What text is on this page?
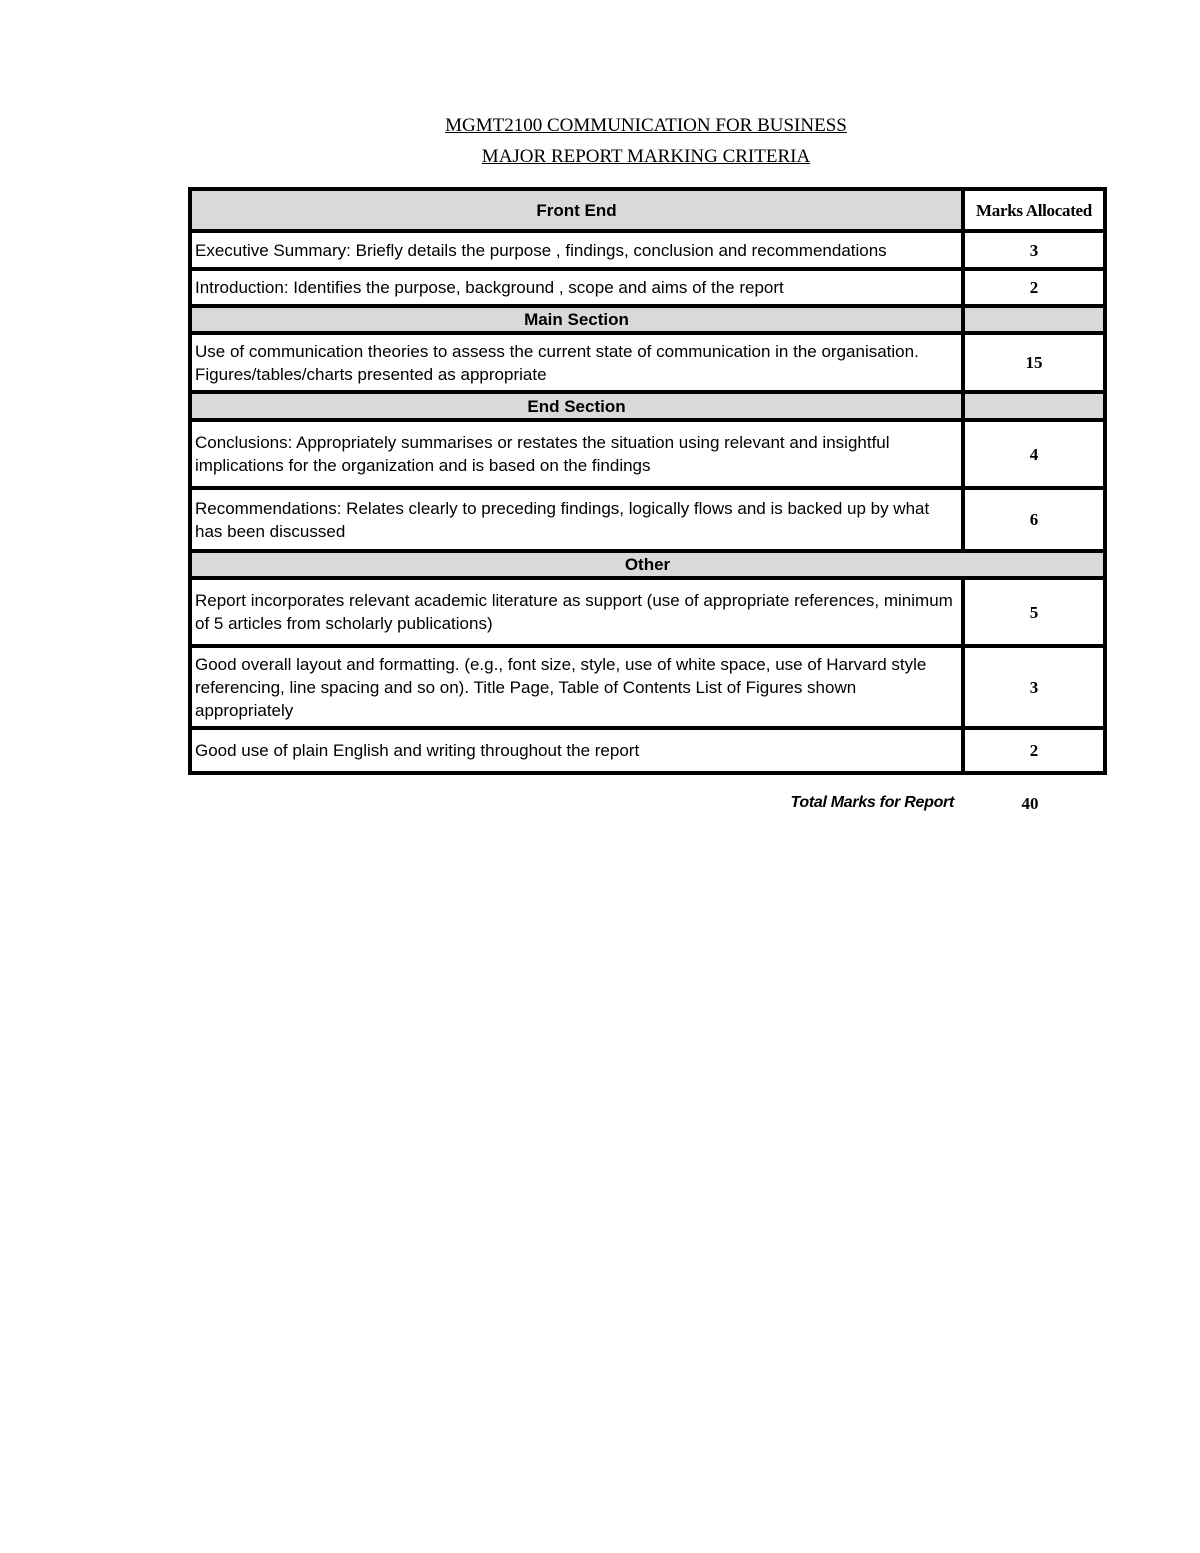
MGMT2100 COMMUNICATION FOR BUSINESS
MAJOR REPORT MARKING CRITERIA
Front End	Marks Allocated
Executive Summary: Briefly details the purpose , findings, conclusion and recommendations	3
Introduction: Identifies the purpose, background , scope and aims of the report	2
Main Section	
Use of communication theories to assess the current state of communication in the organisation. Figures/tables/charts presented as appropriate	15
End Section	
Conclusions: Appropriately summarises or restates the situation using relevant and insightful implications for the organization and is based on the findings	4
Recommendations: Relates clearly to preceding findings, logically flows and is backed up by what has been discussed	6
Other	
Report incorporates relevant academic literature as support (use of appropriate references, minimum of 5 articles from scholarly publications)	5
Good overall layout and formatting. (e.g., font size, style, use of white space, use of Harvard style referencing, line spacing and so on). Title Page, Table of Contents List of Figures shown appropriately	3
Good use of plain English and writing throughout the report	2
Total Marks for Report	40
